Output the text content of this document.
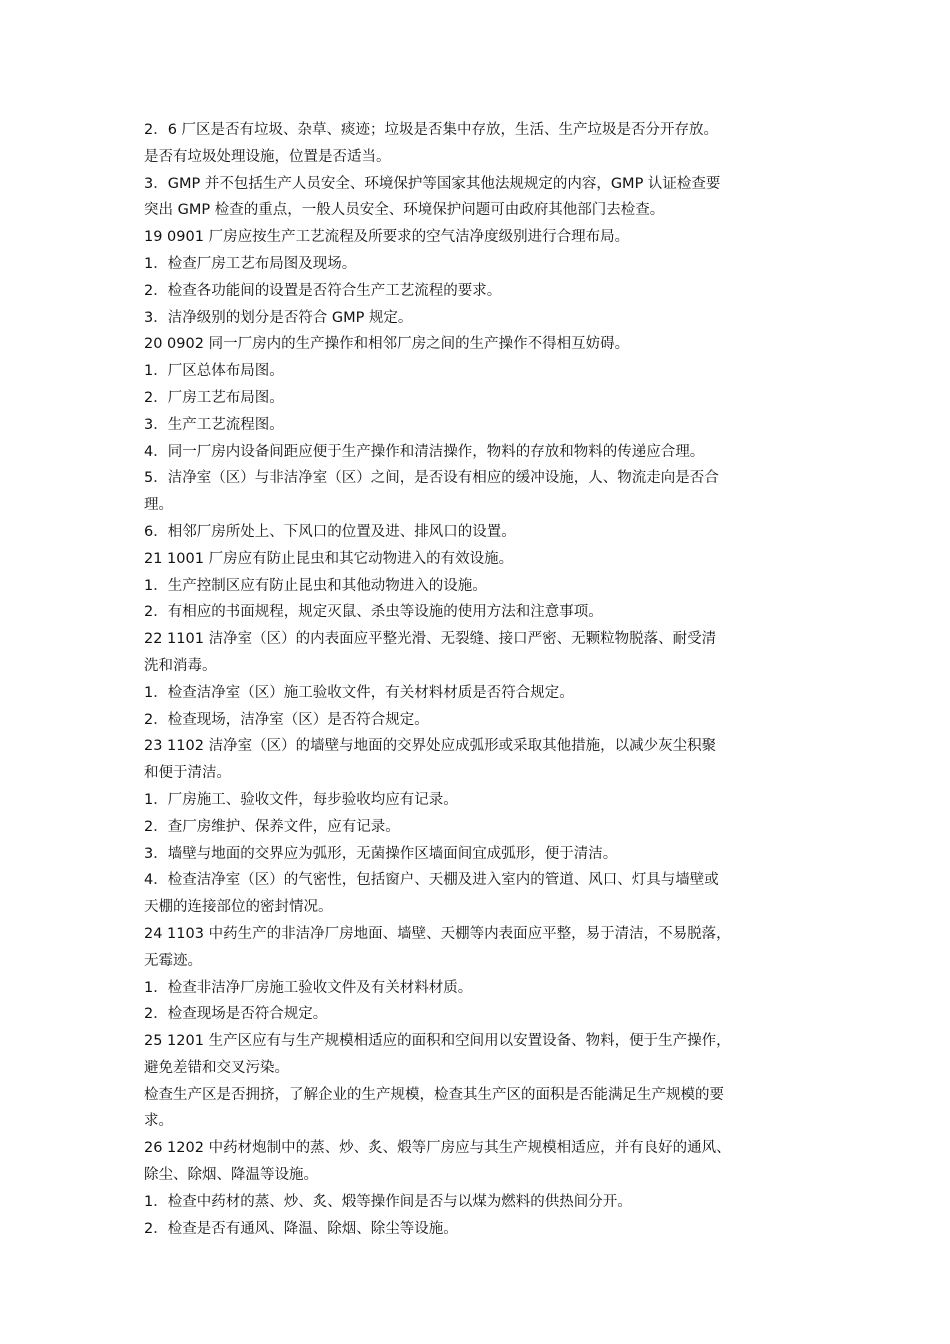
2．6 厂区是否有垃圾、杂草、痰迹；垃圾是否集中存放，生活、生产垃圾是否分开存放。
是否有垃圾处理设施，位置是否适当。
3．GMP 并不包括生产人员安全、环境保护等国家其他法规规定的内容，GMP 认证检查要
突出 GMP 检查的重点，一般人员安全、环境保护问题可由政府其他部门去检查。
19 0901 厂房应按生产工艺流程及所要求的空气洁净度级别进行合理布局。
1．检查厂房工艺布局图及现场。
2．检查各功能间的设置是否符合生产工艺流程的要求。
3．洁净级别的划分是否符合 GMP 规定。
20 0902 同一厂房内的生产操作和相邻厂房之间的生产操作不得相互妨碍。
1．厂区总体布局图。
2．厂房工艺布局图。
3．生产工艺流程图。
4．同一厂房内设备间距应便于生产操作和清洁操作，物料的存放和物料的传递应合理。
5．洁净室（区）与非洁净室（区）之间，是否设有相应的缓冲设施，人、物流走向是否合
理。
6．相邻厂房所处上、下风口的位置及进、排风口的设置。
21 1001 厂房应有防止昆虫和其它动物进入的有效设施。
1．生产控制区应有防止昆虫和其他动物进入的设施。
2．有相应的书面规程，规定灭鼠、杀虫等设施的使用方法和注意事项。
22 1101 洁净室（区）的内表面应平整光滑、无裂缝、接口严密、无颗粒物脱落、耐受清
洗和消毒。
1．检查洁净室（区）施工验收文件，有关材料材质是否符合规定。
2．检查现场，洁净室（区）是否符合规定。
23 1102 洁净室（区）的墙壁与地面的交界处应成弧形或采取其他措施，以减少灰尘积聚
和便于清洁。
1．厂房施工、验收文件，每步验收均应有记录。
2．查厂房维护、保养文件，应有记录。
3．墙壁与地面的交界应为弧形，无菌操作区墙面间宜成弧形，便于清洁。
4．检查洁净室（区）的气密性，包括窗户、天棚及进入室内的管道、风口、灯具与墙壁或
天棚的连接部位的密封情况。
24 1103 中药生产的非洁净厂房地面、墙壁、天棚等内表面应平整，易于清洁，不易脱落，
无霉迹。
1．检查非洁净厂房施工验收文件及有关材料材质。
2．检查现场是否符合规定。
25 1201 生产区应有与生产规模相适应的面积和空间用以安置设备、物料，便于生产操作，
避免差错和交叉污染。
检查生产区是否拥挤，了解企业的生产规模，检查其生产区的面积是否能满足生产规模的要
求。
26 1202 中药材炮制中的蒸、炒、炙、煅等厂房应与其生产规模相适应，并有良好的通风、
除尘、除烟、降温等设施。
1．检查中药材的蒸、炒、炙、煅等操作间是否与以煤为燃料的供热间分开。
2．检查是否有通风、降温、除烟、除尘等设施。
